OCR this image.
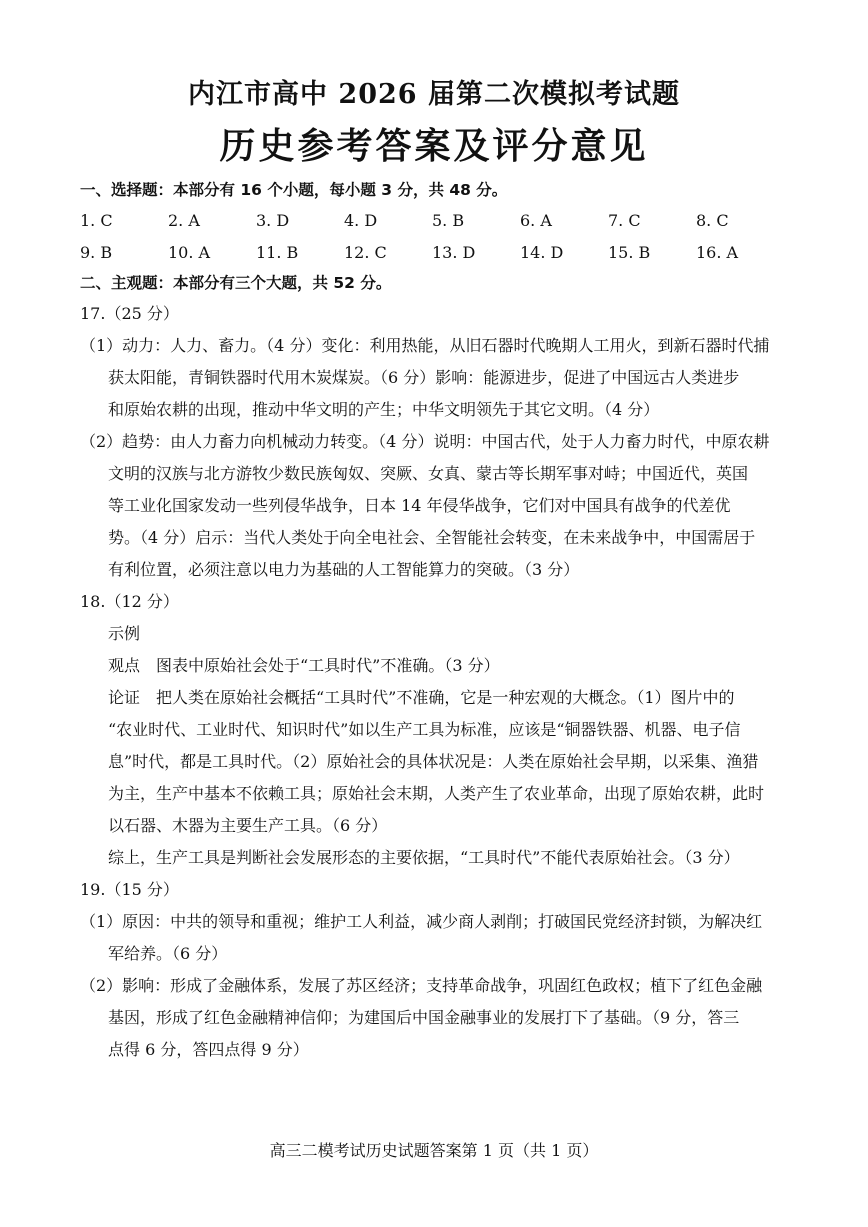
内江市高中 2026 届第二次模拟考试题
历史参考答案及评分意见
一、选择题：本部分有 16 个小题，每小题 3 分，共 48 分。
1. C	2. A	3. D	4. D	5. B	6. A	7. C	8. C
9. B	10. A	11. B	12. C	13. D	14. D	15. B	16. A
二、主观题：本部分有三个大题，共 52 分。
17.（25 分）
（1）动力：人力、畜力。（4 分）变化：利用热能，从旧石器时代晚期人工用火，到新石器时代捕
获太阳能，青铜铁器时代用木炭煤炭。（6 分）影响：能源进步，促进了中国远古人类进步
和原始农耕的出现，推动中华文明的产生；中华文明领先于其它文明。（4 分）
（2）趋势：由人力畜力向机械动力转变。（4 分）说明：中国古代，处于人力畜力时代，中原农耕
文明的汉族与北方游牧少数民族匈奴、突厥、女真、蒙古等长期军事对峙；中国近代，英国
等工业化国家发动一些列侵华战争，日本 14 年侵华战争，它们对中国具有战争的代差优
势。（4 分）启示：当代人类处于向全电社会、全智能社会转变，在未来战争中，中国需居于
有利位置，必须注意以电力为基础的人工智能算力的突破。（3 分）
18.（12 分）
示例
观点　图表中原始社会处于“工具时代”不准确。（3 分）
论证　把人类在原始社会概括“工具时代”不准确，它是一种宏观的大概念。（1）图片中的
“农业时代、工业时代、知识时代”如以生产工具为标准，应该是“铜器铁器、机器、电子信
息”时代，都是工具时代。（2）原始社会的具体状况是：人类在原始社会早期，以采集、渔猎
为主，生产中基本不依赖工具；原始社会末期，人类产生了农业革命，出现了原始农耕，此时
以石器、木器为主要生产工具。（6 分）
综上，生产工具是判断社会发展形态的主要依据，“工具时代”不能代表原始社会。（3 分）
19.（15 分）
（1）原因：中共的领导和重视；维护工人利益，减少商人剥削；打破国民党经济封锁，为解决红
军给养。（6 分）
（2）影响：形成了金融体系，发展了苏区经济；支持革命战争，巩固红色政权；植下了红色金融
基因，形成了红色金融精神信仰；为建国后中国金融事业的发展打下了基础。（9 分，答三
点得 6 分，答四点得 9 分）
高三二模考试历史试题答案第 1 页（共 1 页）
